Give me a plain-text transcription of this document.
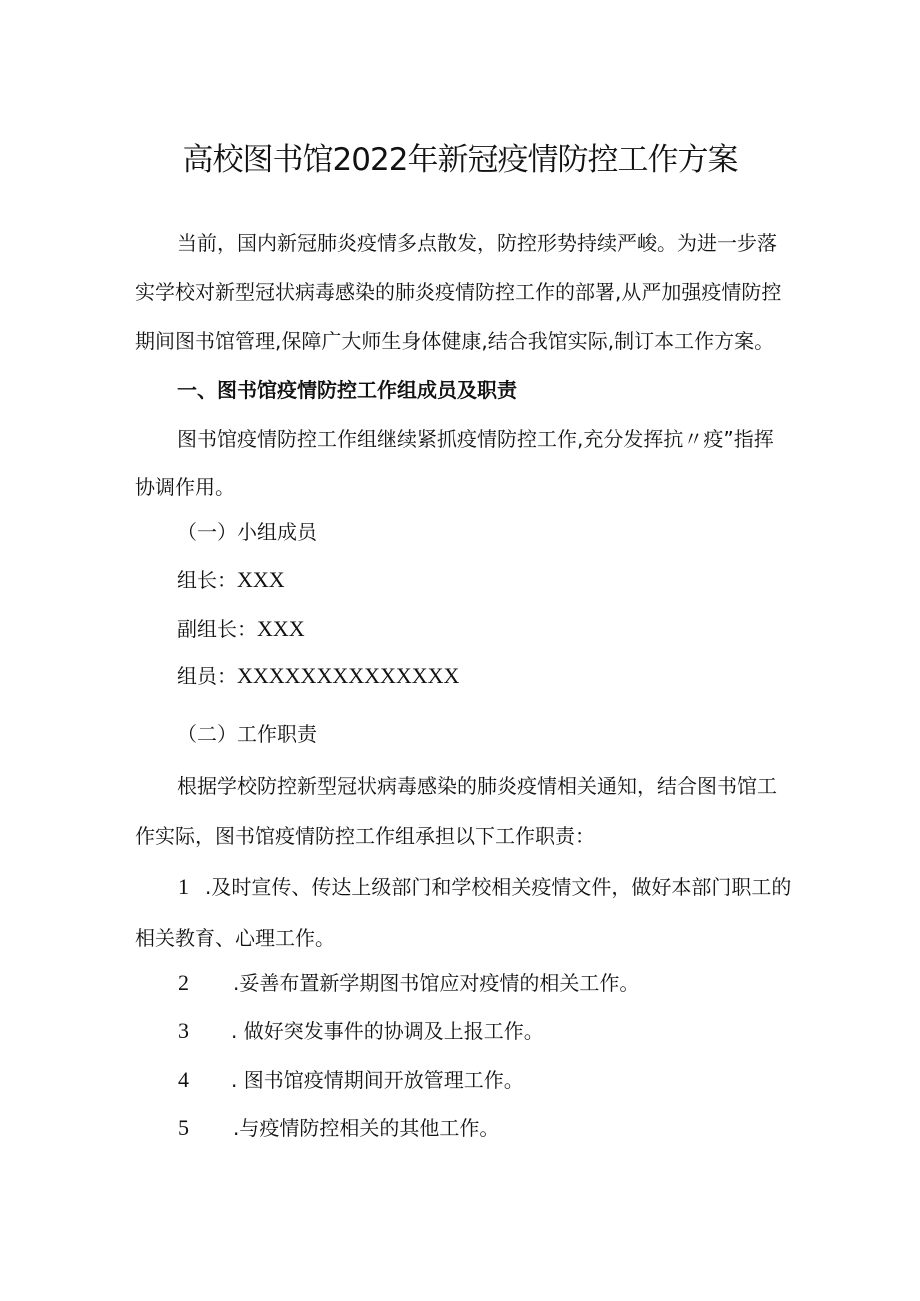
高校图书馆2022年新冠疫情防控工作方案
当前，国内新冠肺炎疫情多点散发，防控形势持续严峻。为进一步落
实学校对新型冠状病毒感染的肺炎疫情防控工作的部署,从严加强疫情防控
期间图书馆管理,保障广大师生身体健康,结合我馆实际,制订本工作方案。
一、图书馆疫情防控工作组成员及职责
图书馆疫情防控工作组继续紧抓疫情防控工作,充分发挥抗〃疫”指挥
协调作用。
（一）小组成员
组长：XXX
副组长：XXX
组员：XXXXXXXXXXXXXX
（二）工作职责
根据学校防控新型冠状病毒感染的肺炎疫情相关通知，结合图书馆工
作实际，图书馆疫情防控工作组承担以下工作职责：
1 .及时宣传、传达上级部门和学校相关疫情文件，做好本部门职工的
相关教育、心理工作。
2 .妥善布置新学期图书馆应对疫情的相关工作。
3 . 做好突发事件的协调及上报工作。
4 . 图书馆疫情期间开放管理工作。
5 .与疫情防控相关的其他工作。
